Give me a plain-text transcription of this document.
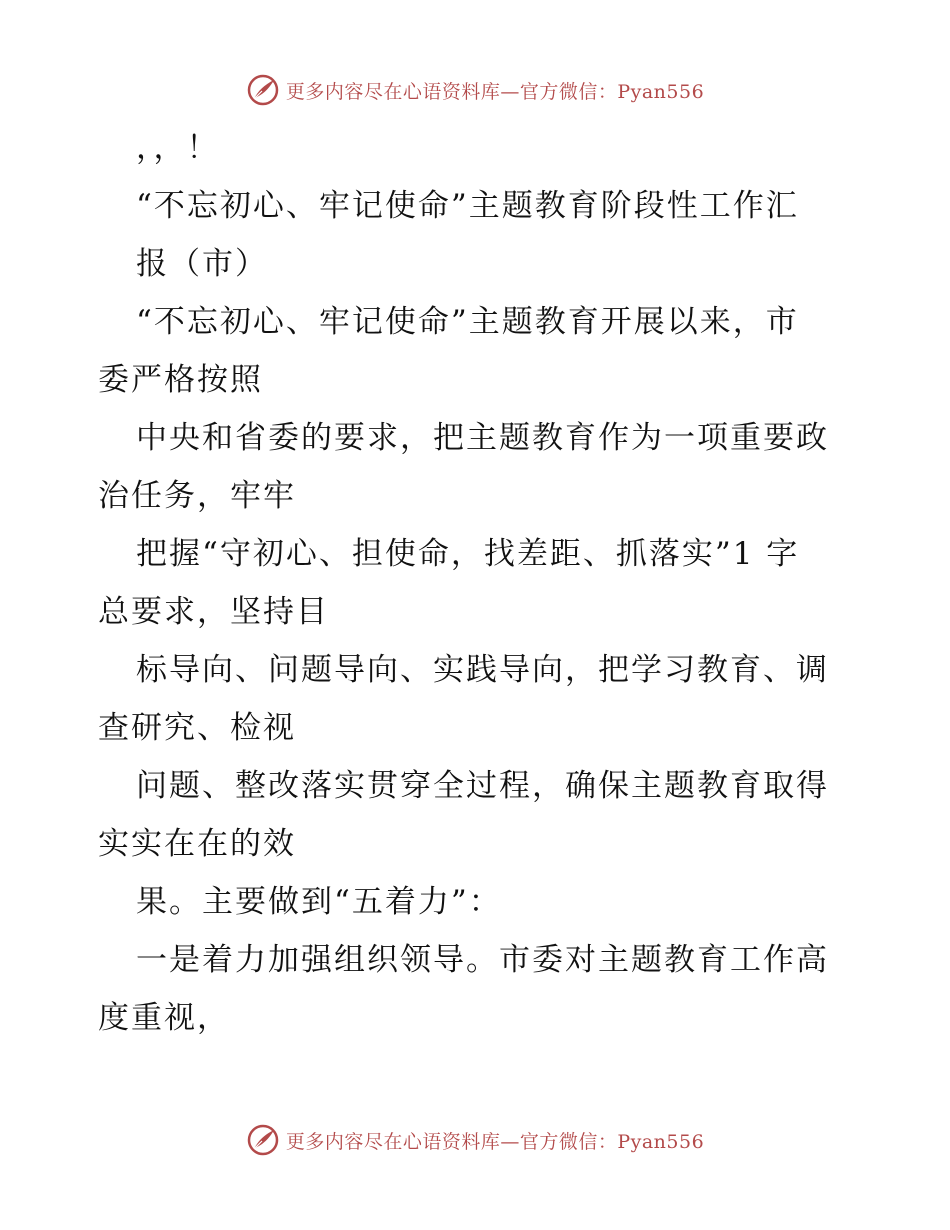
更多内容尽在心语资料库—官方微信：Pyan556
，，！
“不忘初心、牢记使命”主题教育阶段性工作汇
报（市）
“不忘初心、牢记使命”主题教育开展以来，市
委严格按照
中央和省委的要求，把主题教育作为一项重要政
治任务，牢牢
把握“守初心、担使命，找差距、抓落实”1 字
总要求，坚持目
标导向、问题导向、实践导向，把学习教育、调
查研究、检视
问题、整改落实贯穿全过程，确保主题教育取得
实实在在的效
果。主要做到“五着力”：
一是着力加强组织领导。市委对主题教育工作高
度重视，
更多内容尽在心语资料库—官方微信：Pyan556
